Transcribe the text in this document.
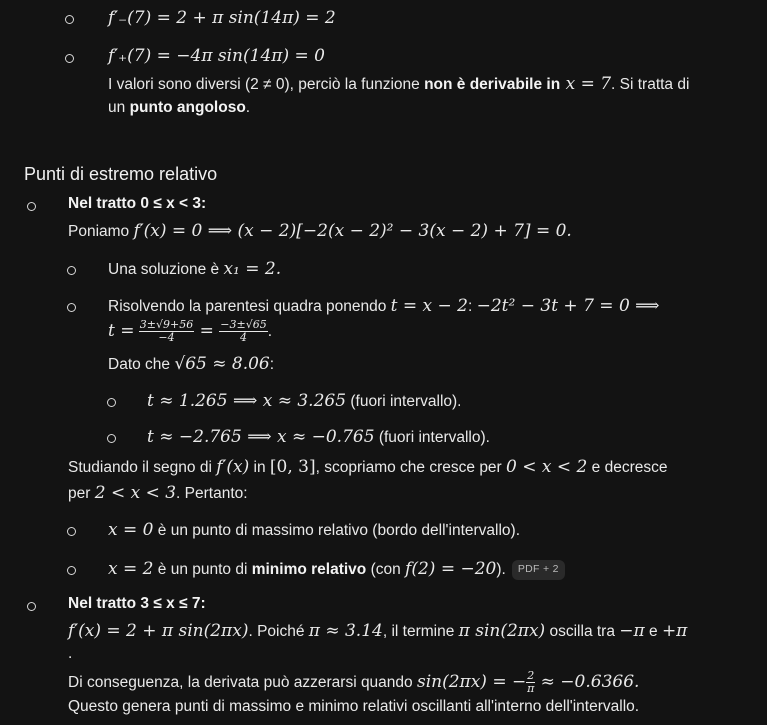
f′₋(7) = 2 + π sin(14π) = 2
f′₊(7) = −4π sin(14π) = 0
I valori sono diversi (2 ≠ 0), perciò la funzione non è derivabile in x = 7. Si tratta di
un punto angoloso.
Punti di estremo relativo
Nel tratto 0 ≤ x < 3:
Poniamo f′(x) = 0 ⟹ (x − 2)[−2(x − 2)² − 3(x − 2) + 7] = 0.
Una soluzione è x₁ = 2.
Risolvendo la parentesi quadra ponendo t = x − 2: −2t² − 3t + 7 = 0 ⟹
$t = \frac{3\pm√9+56}{-4} = \frac{-3\pm√65}{4}$ .
Dato che √65 ≈ 8.06:
t ≈ 1.265 ⟹ x ≈ 3.265 (fuori intervallo).
t ≈ −2.765 ⟹ x ≈ −0.765 (fuori intervallo).
Studiando il segno di f′(x) in [0, 3], scopriamo che cresce per 0 < x < 2 e decresce
per 2 < x < 3. Pertanto:
x = 0 è un punto di massimo relativo (bordo dell'intervallo).
x = 2 è un punto di minimo relativo (con f(2) = −20). PDF + 2
Nel tratto 3 ≤ x ≤ 7:
f′(x) = 2 + π sin(2πx). Poiché π ≈ 3.14, il termine π sin(2πx) oscilla tra −π e +π
.
Di conseguenza, la derivata può azzerarsi quando sin(2πx) = − $\frac{2}{\pi} \approx -0.6366$.
Questo genera punti di massimo e minimo relativi oscillanti all'interno dell'intervallo.
